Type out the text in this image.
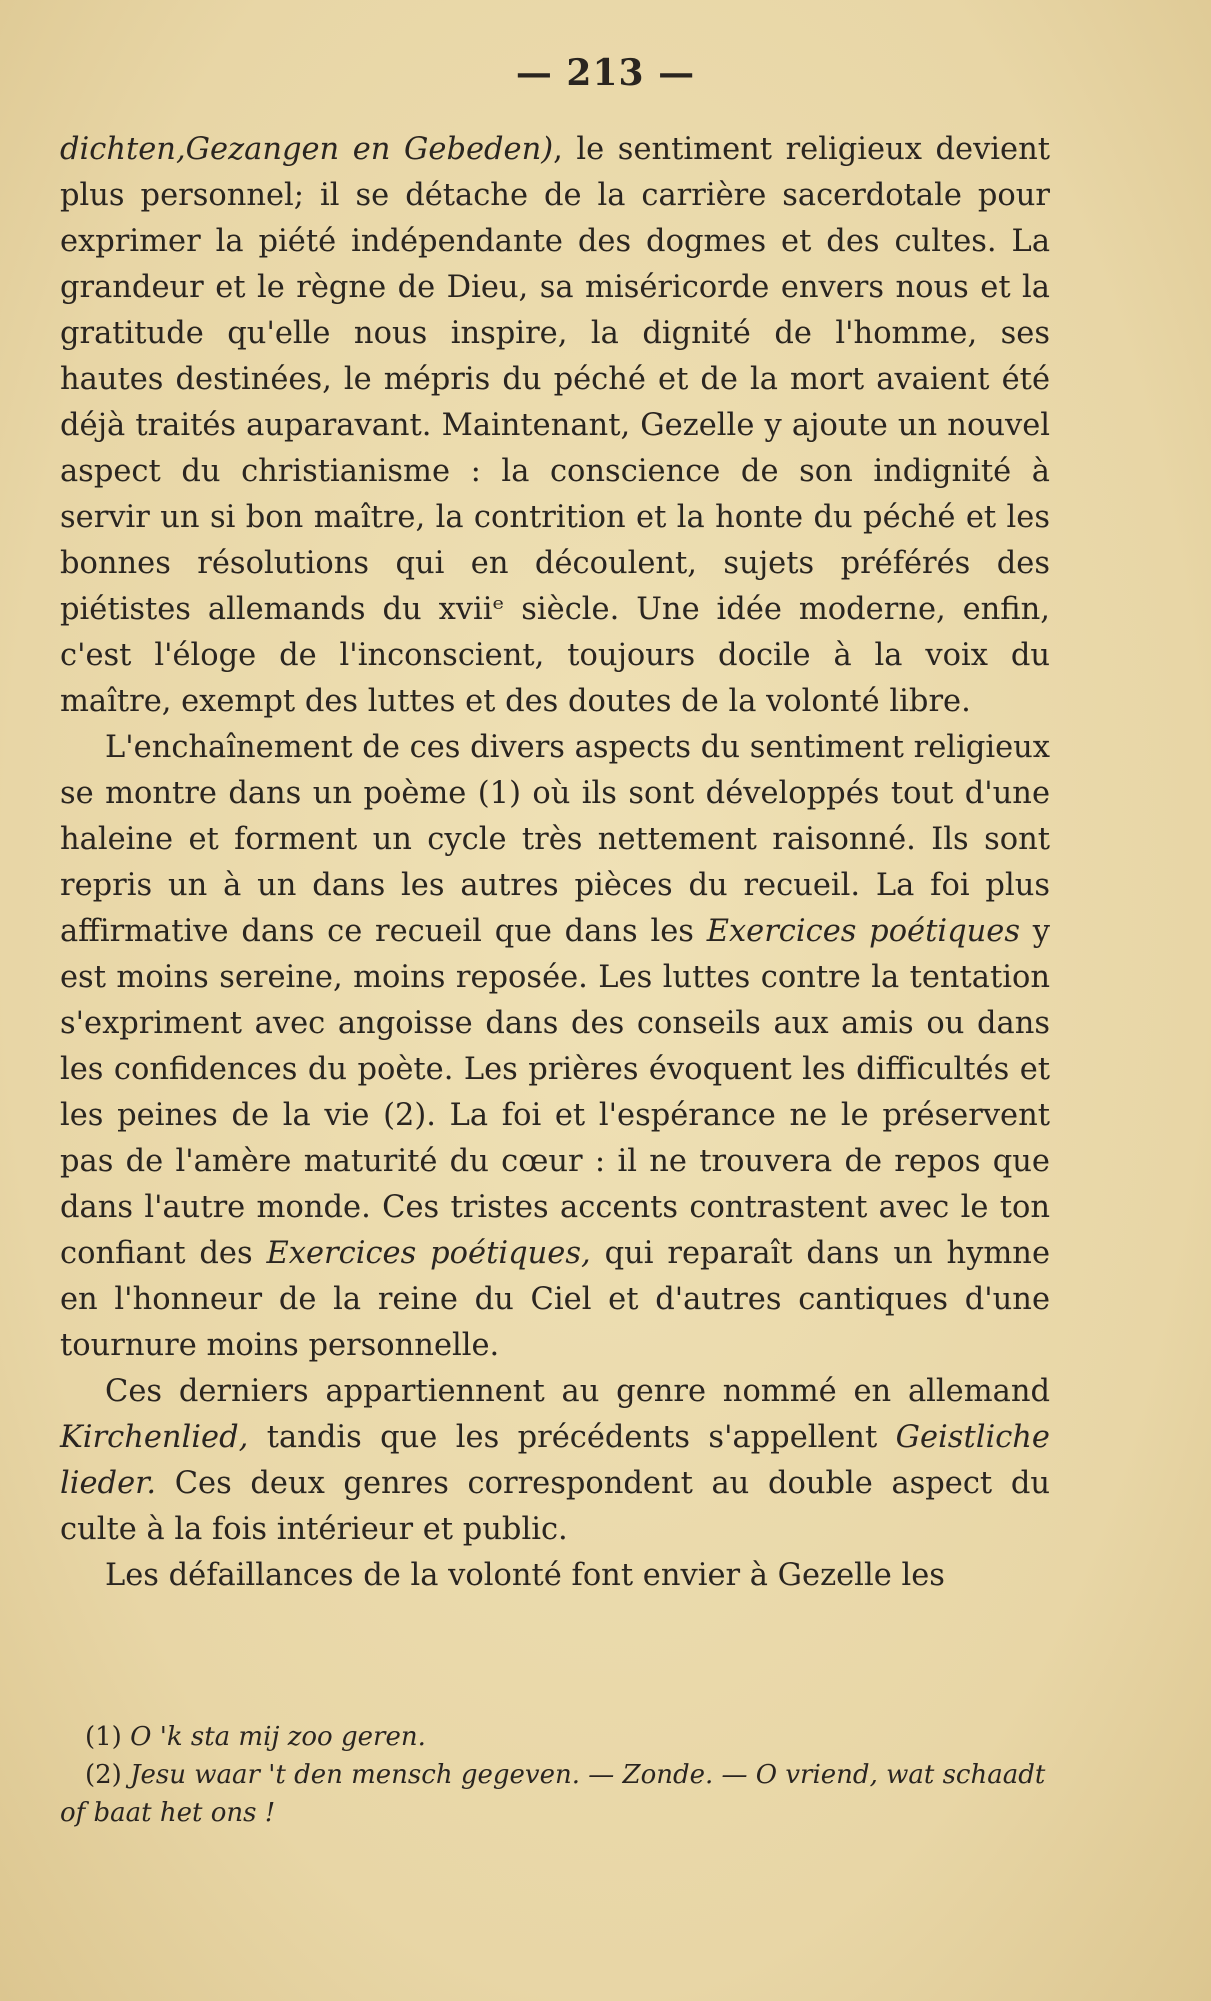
— 213 —

dichten,Gezangen en Gebeden), le sentiment religieux devient plus personnel; il se détache de la carrière sacerdotale pour exprimer la piété indépendante des dogmes et des cultes. La grandeur et le règne de Dieu, sa miséricorde envers nous et la gratitude qu'elle nous inspire, la dignité de l'homme, ses hautes destinées, le mépris du péché et de la mort avaient été déjà traités auparavant. Maintenant, Gezelle y ajoute un nouvel aspect du christianisme : la conscience de son indignité à servir un si bon maître, la contrition et la honte du péché et les bonnes résolutions qui en découlent, sujets préférés des piétistes allemands du xviiᵉ siècle. Une idée moderne, enfin, c'est l'éloge de l'inconscient, toujours docile à la voix du maître, exempt des luttes et des doutes de la volonté libre.

L'enchaînement de ces divers aspects du sentiment religieux se montre dans un poème (1) où ils sont développés tout d'une haleine et forment un cycle très nettement raisonné. Ils sont repris un à un dans les autres pièces du recueil. La foi plus affirmative dans ce recueil que dans les Exercices poétiques y est moins sereine, moins reposée. Les luttes contre la tentation s'expriment avec angoisse dans des conseils aux amis ou dans les confidences du poète. Les prières évoquent les difficultés et les peines de la vie (2). La foi et l'espérance ne le préservent pas de l'amère maturité du cœur : il ne trouvera de repos que dans l'autre monde. Ces tristes accents contrastent avec le ton confiant des Exercices poétiques, qui reparaît dans un hymne en l'honneur de la reine du Ciel et d'autres cantiques d'une tournure moins personnelle.

Ces derniers appartiennent au genre nommé en allemand Kirchenlied, tandis que les précédents s'appellent Geistliche lieder. Ces deux genres correspondent au double aspect du culte à la fois intérieur et public.

Les défaillances de la volonté font envier à Gezelle les

(1) O 'k sta mij zoo geren.

(2) Jesu waar 't den mensch gegeven. — Zonde. — O vriend, wat schaadt of baat het ons !
